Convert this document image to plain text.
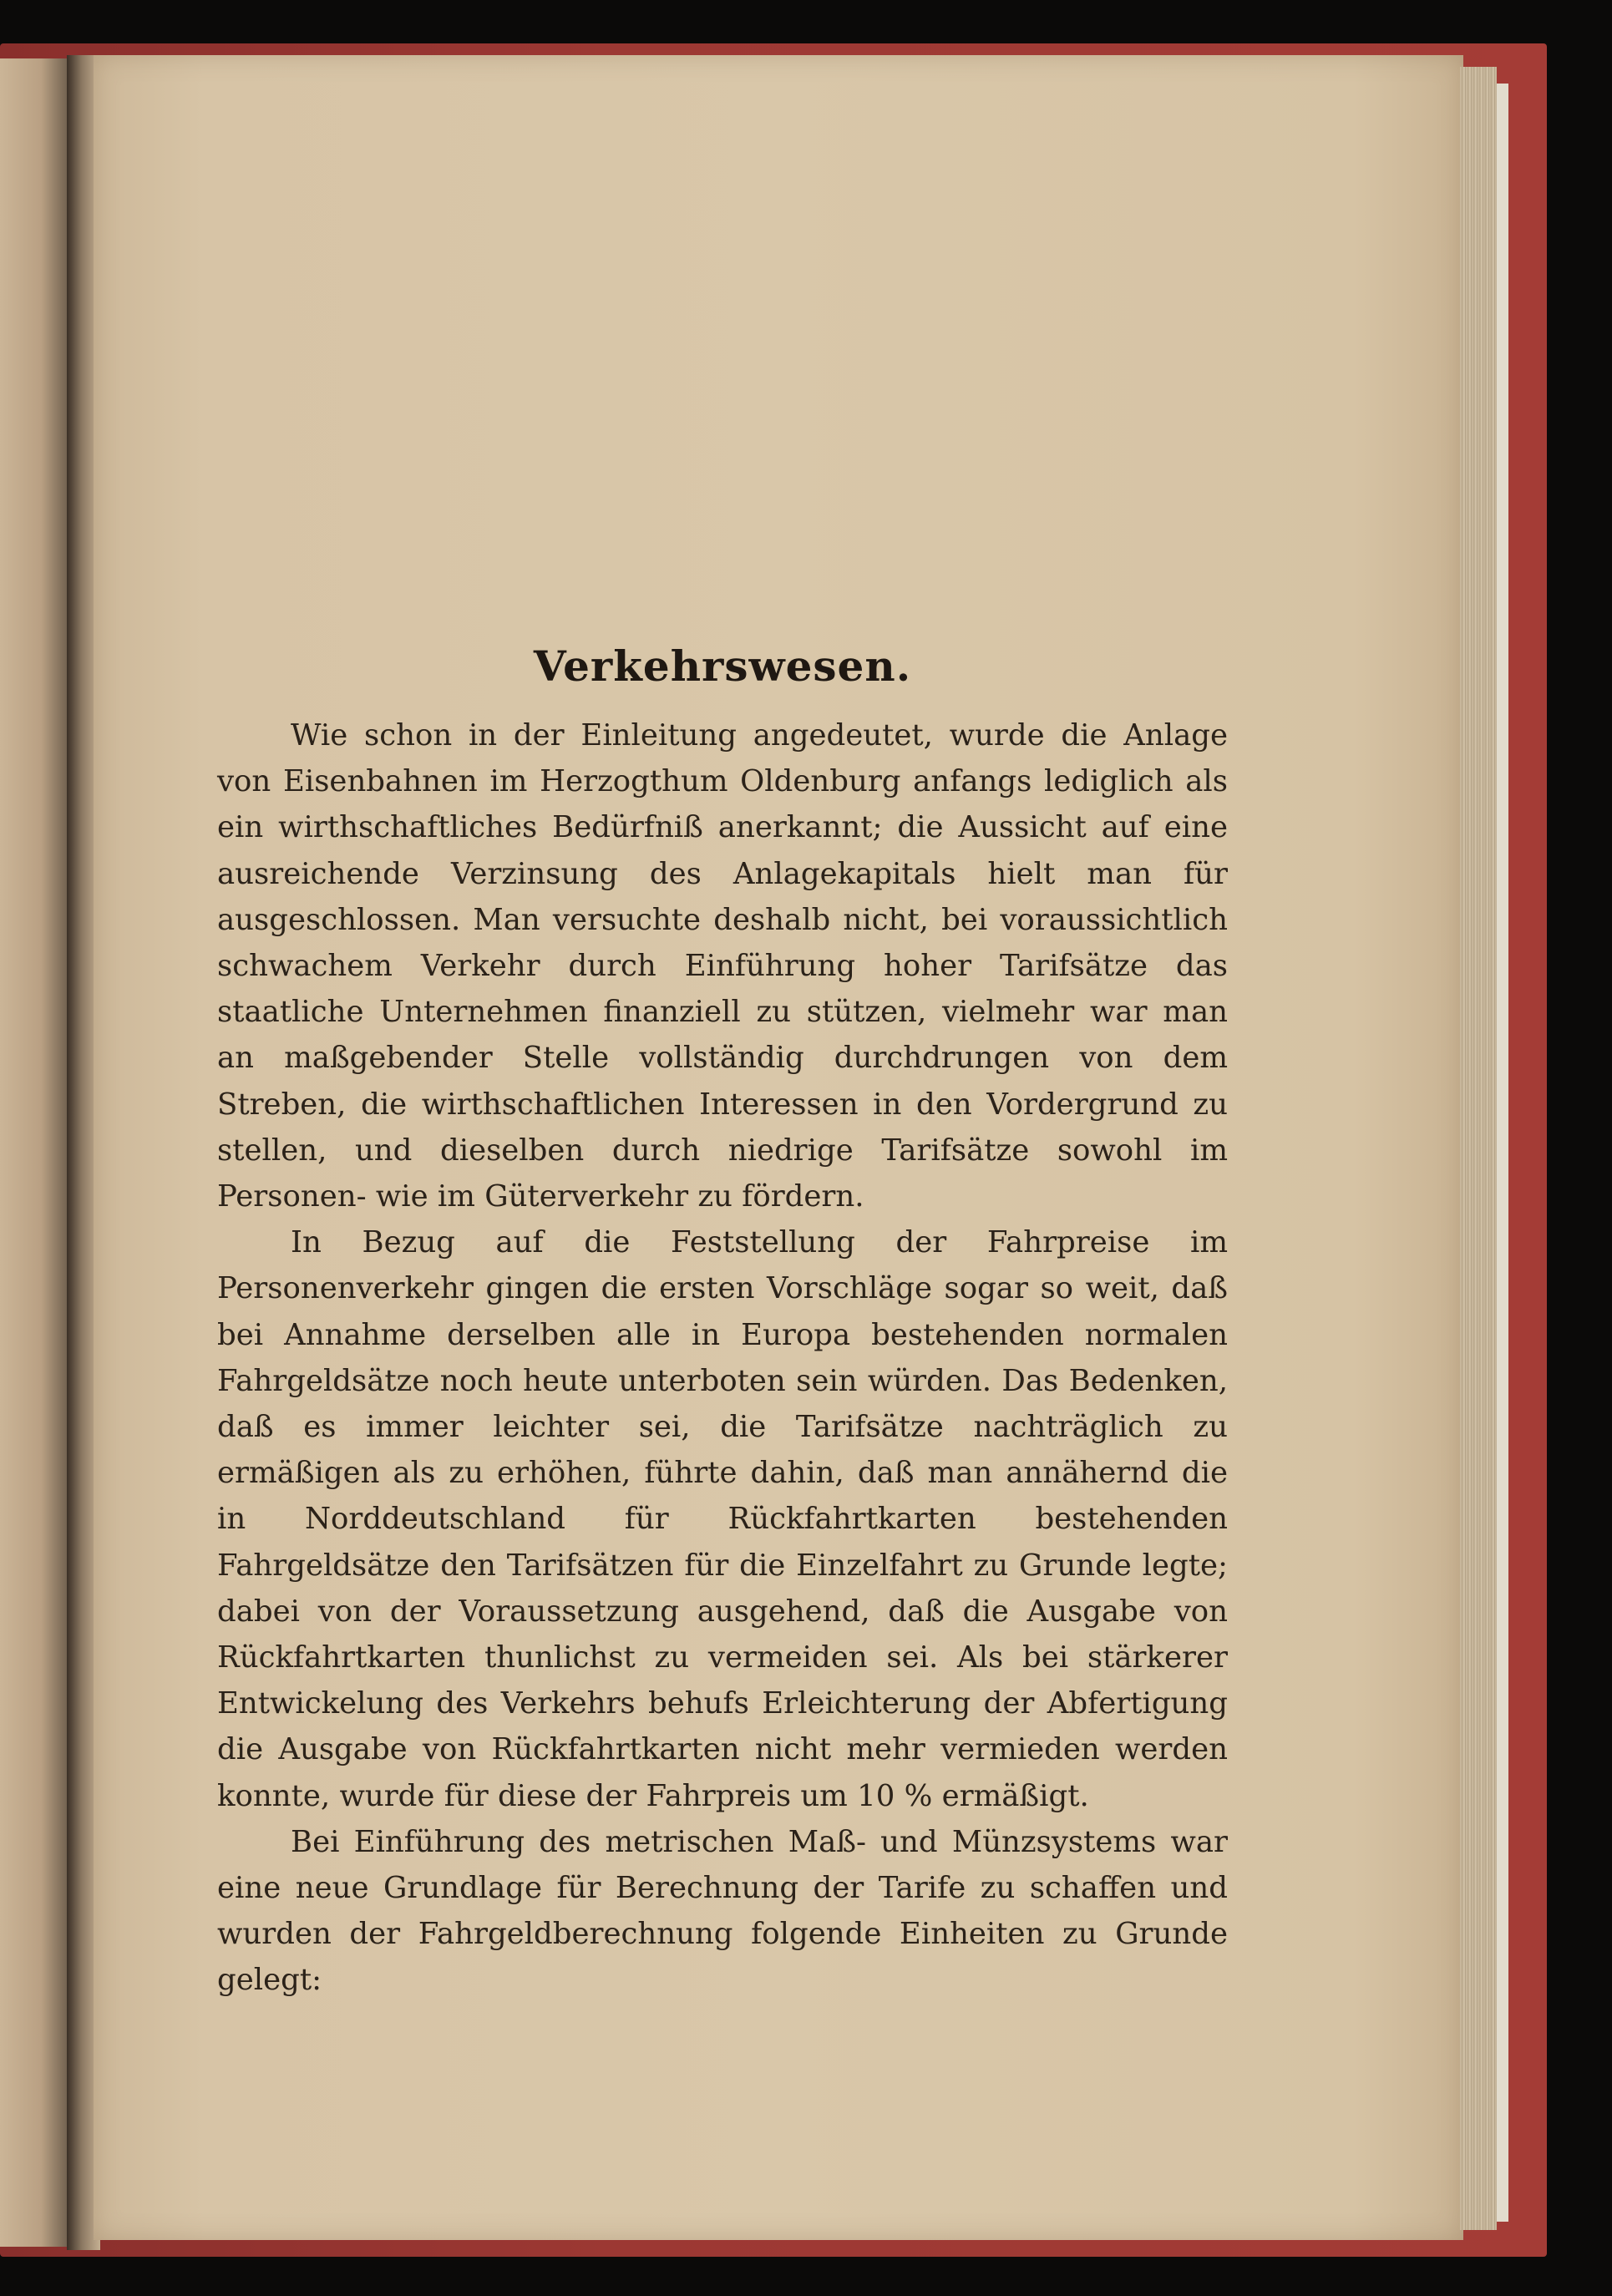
Verkehrswesen.

Wie schon in der Einleitung angedeutet, wurde die Anlage von Eisenbahnen im Herzogthum Oldenburg anfangs lediglich als ein wirthschaftliches Bedürfniß anerkannt; die Aussicht auf eine ausreichende Verzinsung des Anlagekapitals hielt man für ausgeschlossen. Man versuchte deshalb nicht, bei voraussichtlich schwachem Verkehr durch Einführung hoher Tarifsätze das staatliche Unternehmen finanziell zu stützen, vielmehr war man an maßgebender Stelle vollständig durchdrungen von dem Streben, die wirthschaftlichen Interessen in den Vordergrund zu stellen, und dieselben durch niedrige Tarifsätze sowohl im Personen- wie im Güterverkehr zu fördern.

In Bezug auf die Feststellung der Fahrpreise im Personenverkehr gingen die ersten Vorschläge sogar so weit, daß bei Annahme derselben alle in Europa bestehenden normalen Fahrgeldsätze noch heute unterboten sein würden. Das Bedenken, daß es immer leichter sei, die Tarifsätze nachträglich zu ermäßigen als zu erhöhen, führte dahin, daß man annähernd die in Norddeutschland für Rückfahrtkarten bestehenden Fahrgeldsätze den Tarifsätzen für die Einzelfahrt zu Grunde legte; dabei von der Voraussetzung ausgehend, daß die Ausgabe von Rückfahrtkarten thunlichst zu vermeiden sei. Als bei stärkerer Entwickelung des Verkehrs behufs Erleichterung der Abfertigung die Ausgabe von Rückfahrtkarten nicht mehr vermieden werden konnte, wurde für diese der Fahrpreis um 10 % ermäßigt.

Bei Einführung des metrischen Maß- und Münzsystems war eine neue Grundlage für Berechnung der Tarife zu schaffen und wurden der Fahrgeldberechnung folgende Einheiten zu Grunde gelegt:
